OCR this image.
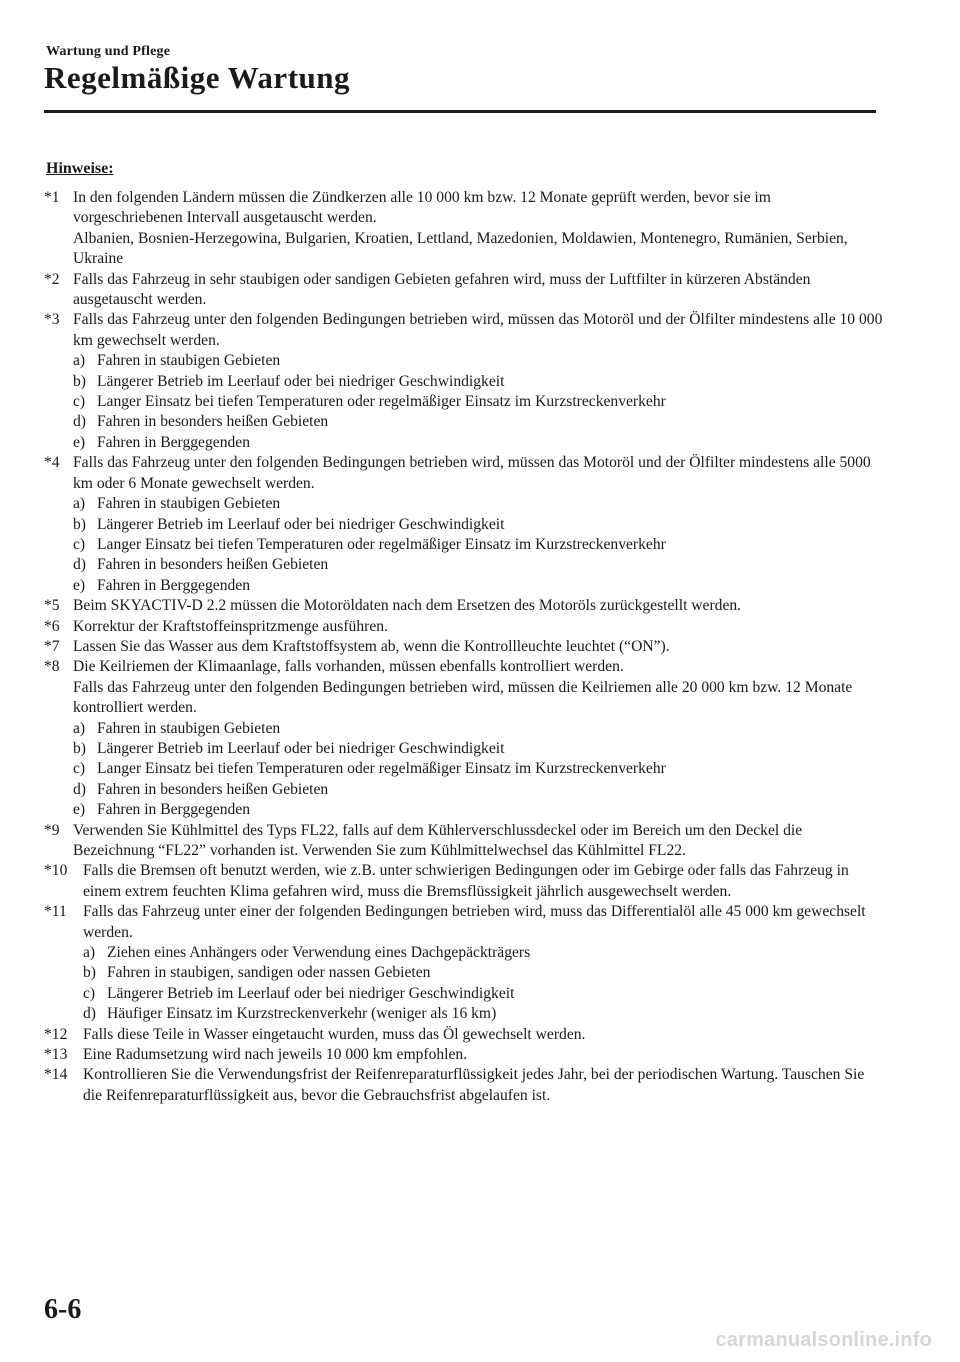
Wartung und Pflege
Regelmäßige Wartung
Hinweise:
*1 In den folgenden Ländern müssen die Zündkerzen alle 10 000 km bzw. 12 Monate geprüft werden, bevor sie im vorgeschriebenen Intervall ausgetauscht werden.
Albanien, Bosnien-Herzegowina, Bulgarien, Kroatien, Lettland, Mazedonien, Moldawien, Montenegro, Rumänien, Serbien, Ukraine
*2 Falls das Fahrzeug in sehr staubigen oder sandigen Gebieten gefahren wird, muss der Luftfilter in kürzeren Abständen ausgetauscht werden.
*3 Falls das Fahrzeug unter den folgenden Bedingungen betrieben wird, müssen das Motoröl und der Ölfilter mindestens alle 10 000 km gewechselt werden.
a) Fahren in staubigen Gebieten
b) Längerer Betrieb im Leerlauf oder bei niedriger Geschwindigkeit
c) Langer Einsatz bei tiefen Temperaturen oder regelmäßiger Einsatz im Kurzstreckenverkehr
d) Fahren in besonders heißen Gebieten
e) Fahren in Berggegenden
*4 Falls das Fahrzeug unter den folgenden Bedingungen betrieben wird, müssen das Motoröl und der Ölfilter mindestens alle 5000 km oder 6 Monate gewechselt werden.
a) Fahren in staubigen Gebieten
b) Längerer Betrieb im Leerlauf oder bei niedriger Geschwindigkeit
c) Langer Einsatz bei tiefen Temperaturen oder regelmäßiger Einsatz im Kurzstreckenverkehr
d) Fahren in besonders heißen Gebieten
e) Fahren in Berggegenden
*5 Beim SKYACTIV-D 2.2 müssen die Motoröldaten nach dem Ersetzen des Motoröls zurückgestellt werden.
*6 Korrektur der Kraftstoffeinspritzmenge ausführen.
*7 Lassen Sie das Wasser aus dem Kraftstoffsystem ab, wenn die Kontrollleuchte leuchtet (“ON”).
*8 Die Keilriemen der Klimaanlage, falls vorhanden, müssen ebenfalls kontrolliert werden.
Falls das Fahrzeug unter den folgenden Bedingungen betrieben wird, müssen die Keilriemen alle 20 000 km bzw. 12 Monate kontrolliert werden.
a) Fahren in staubigen Gebieten
b) Längerer Betrieb im Leerlauf oder bei niedriger Geschwindigkeit
c) Langer Einsatz bei tiefen Temperaturen oder regelmäßiger Einsatz im Kurzstreckenverkehr
d) Fahren in besonders heißen Gebieten
e) Fahren in Berggegenden
*9 Verwenden Sie Kühlmittel des Typs FL22, falls auf dem Kühlerverschlussdeckel oder im Bereich um den Deckel die Bezeichnung “FL22” vorhanden ist. Verwenden Sie zum Kühlmittelwechsel das Kühlmittel FL22.
*10 Falls die Bremsen oft benutzt werden, wie z.B. unter schwierigen Bedingungen oder im Gebirge oder falls das Fahrzeug in einem extrem feuchten Klima gefahren wird, muss die Bremsflüssigkeit jährlich ausgewechselt werden.
*11 Falls das Fahrzeug unter einer der folgenden Bedingungen betrieben wird, muss das Differentialöl alle 45 000 km gewechselt werden.
a) Ziehen eines Anhängers oder Verwendung eines Dachgepäckträgers
b) Fahren in staubigen, sandigen oder nassen Gebieten
c) Längerer Betrieb im Leerlauf oder bei niedriger Geschwindigkeit
d) Häufiger Einsatz im Kurzstreckenverkehr (weniger als 16 km)
*12 Falls diese Teile in Wasser eingetaucht wurden, muss das Öl gewechselt werden.
*13 Eine Radumsetzung wird nach jeweils 10 000 km empfohlen.
*14 Kontrollieren Sie die Verwendungsfrist der Reifenreparaturflüssigkeit jedes Jahr, bei der periodischen Wartung. Tauschen Sie die Reifenreparaturflüssigkeit aus, bevor die Gebrauchsfrist abgelaufen ist.
6-6
carmanualsonline.info
